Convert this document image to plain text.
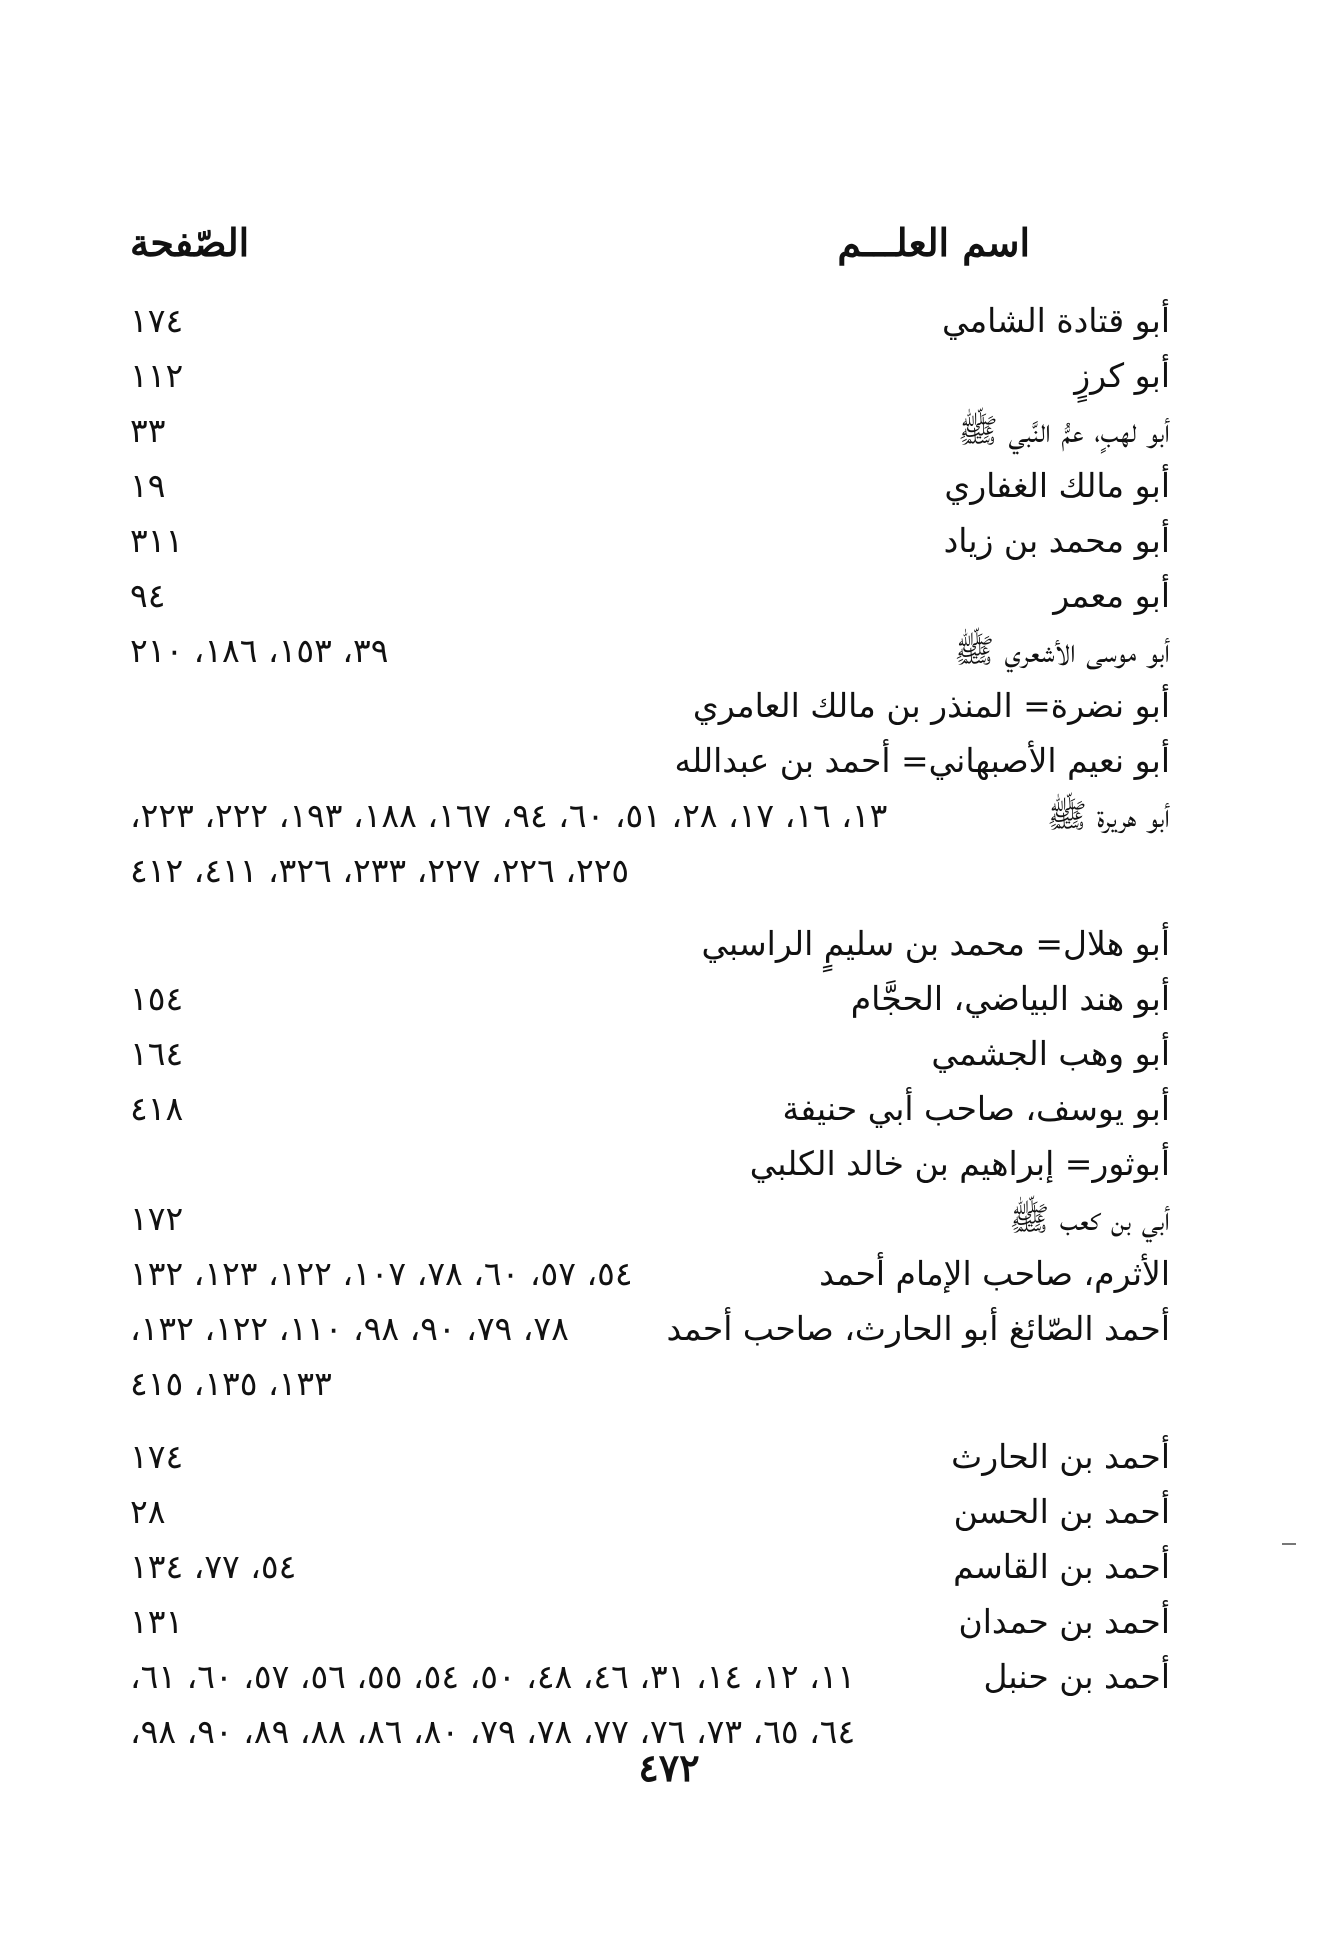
اسم العلـــم
الصّفحة
أبو قتادة الشامي
١٧٤
أبو كرزٍ
١١٢
أبو لهبٍ، عمُّ النَّبي ﷺ
٣٣
أبو مالك الغفاري
١٩
أبو محمد بن زياد
٣١١
أبو معمر
٩٤
أبو موسى الأشعري ﷺ
٣٩، ١٥٣، ١٨٦، ٢١٠
أبو نضرة= المنذر بن مالك العامري
أبو نعيم الأصبهاني= أحمد بن عبدالله
أبو هريرة ﷺ
١٣، ١٦، ١٧، ٢٨، ٥١، ٦٠، ٩٤، ١٦٧، ١٨٨، ١٩٣، ٢٢٢، ٢٢٣،
٢٢٥، ٢٢٦، ٢٢٧، ٢٣٣، ٣٢٦، ٤١١، ٤١٢
أبو هلال= محمد بن سليمٍ الراسبي
أبو هند البياضي، الحجَّام
١٥٤
أبو وهب الجشمي
١٦٤
أبو يوسف، صاحب أبي حنيفة
٤١٨
أبوثور= إبراهيم بن خالد الكلبي
أبي بن كعب ﷺ
١٧٢
الأثرم، صاحب الإمام أحمد
٥٤، ٥٧، ٦٠، ٧٨، ١٠٧، ١٢٢، ١٢٣، ١٣٢
أحمد الصّائغ أبو الحارث، صاحب أحمد
٧٨، ٧٩، ٩٠، ٩٨، ١١٠، ١٢٢، ١٣٢،
١٣٣، ١٣٥، ٤١٥
أحمد بن الحارث
١٧٤
أحمد بن الحسن
٢٨
أحمد بن القاسم
٥٤، ٧٧، ١٣٤
أحمد بن حمدان
١٣١
أحمد بن حنبل
١١، ١٢، ١٤، ٣١، ٤٦، ٤٨، ٥٠، ٥٤، ٥٥، ٥٦، ٥٧، ٦٠، ٦١،
٦٤، ٦٥، ٧٣، ٧٦، ٧٧، ٧٨، ٧٩، ٨٠، ٨٦، ٨٨، ٨٩، ٩٠، ٩٨،
٤٧٢
